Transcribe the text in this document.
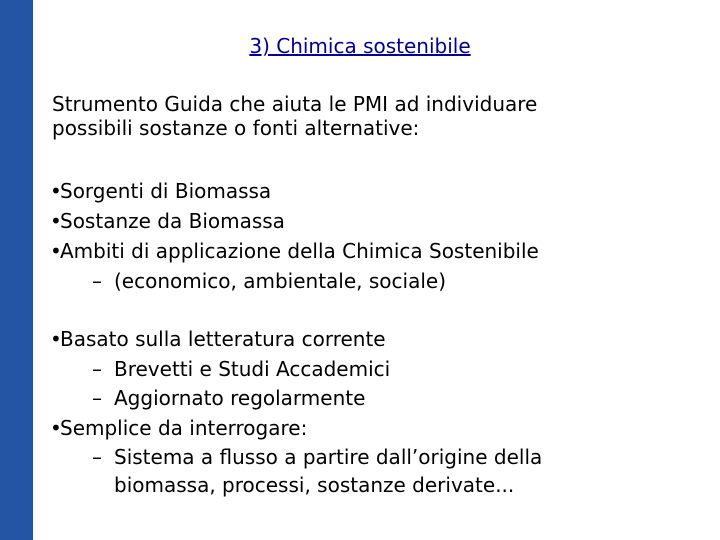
3) Chimica sostenibile

Strumento Guida che aiuta le PMI ad individuare
possibili sostanze o fonti alternative:

•Sorgenti di Biomassa
•Sostanze da Biomassa
•Ambiti di applicazione della Chimica Sostenibile
– (economico, ambientale, sociale)
•Basato sulla letteratura corrente
– Brevetti e Studi Accademici
– Aggiornato regolarmente
•Semplice da interrogare:
– Sistema a flusso a partire dall’origine della
biomassa, processi, sostanze derivate...
